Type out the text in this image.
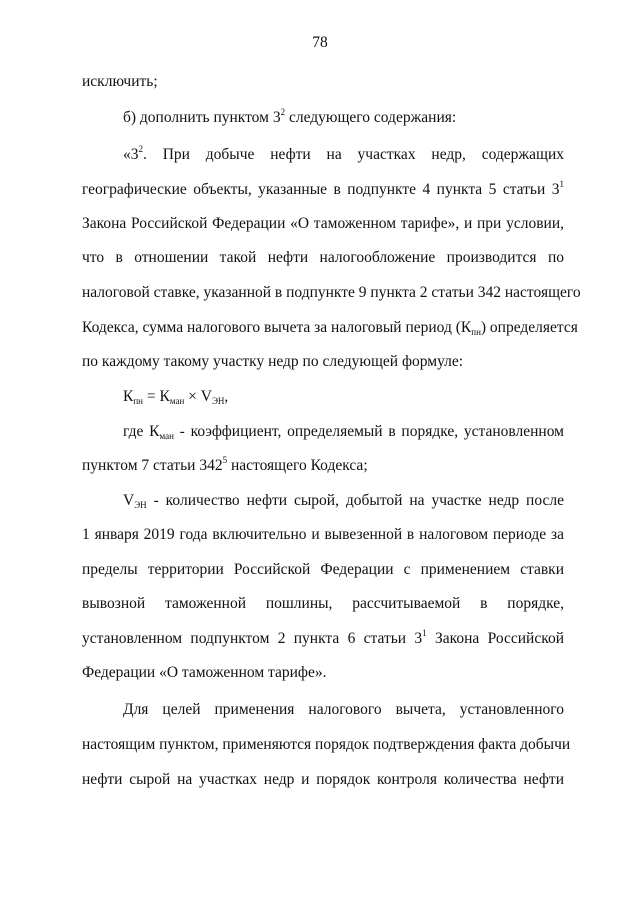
78
исключить;
б) дополнить пунктом $3^2$ следующего содержания:
«$3^2$. При добыче нефти на участках недр, содержащих
географические объекты, указанные в подпункте 4 пункта 5 статьи $3^1$
Закона Российской Федерации «О таможенном тарифе», и при условии,
что в отношении такой нефти налогообложение производится по
налоговой ставке, указанной в подпункте 9 пункта 2 статьи 342 настоящего
Кодекса, сумма налогового вычета за налоговый период $(К_{пн})$ определяется
по каждому такому участку недр по следующей формуле:
$К_{пн} = К_{ман} \times V_{ЭН}$,
где $К_{ман}$ - коэффициент, определяемый в порядке, установленном
пунктом 7 статьи $342^5$ настоящего Кодекса;
$V_{ЭН}$ - количество нефти сырой, добытой на участке недр после
1 января 2019 года включительно и вывезенной в налоговом периоде за
пределы территории Российской Федерации с применением ставки
вывозной таможенной пошлины, рассчитываемой в порядке,
установленном подпунктом 2 пункта 6 статьи $3^1$ Закона Российской
Федерации «О таможенном тарифе».
Для целей применения налогового вычета, установленного
настоящим пунктом, применяются порядок подтверждения факта добычи
нефти сырой на участках недр и порядок контроля количества нефти
